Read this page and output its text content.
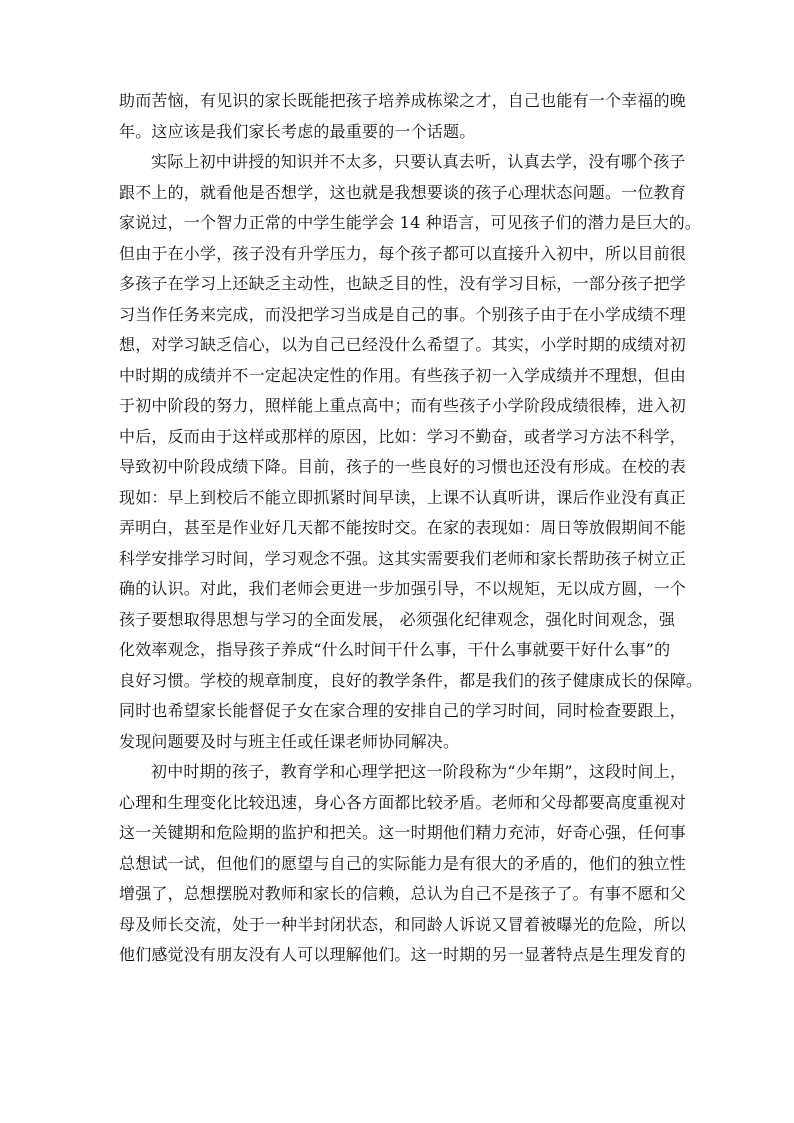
助而苦恼，有见识的家长既能把孩子培养成栋梁之才，自己也能有一个幸福的晚
年。这应该是我们家长考虑的最重要的一个话题。
实际上初中讲授的知识并不太多，只要认真去听，认真去学，没有哪个孩子
跟不上的，就看他是否想学，这也就是我想要谈的孩子心理状态问题。一位教育
家说过，一个智力正常的中学生能学会 14 种语言，可见孩子们的潜力是巨大的。
但由于在小学，孩子没有升学压力，每个孩子都可以直接升入初中，所以目前很
多孩子在学习上还缺乏主动性，也缺乏目的性，没有学习目标，一部分孩子把学
习当作任务来完成，而没把学习当成是自己的事。个别孩子由于在小学成绩不理
想，对学习缺乏信心，以为自己已经没什么希望了。其实，小学时期的成绩对初
中时期的成绩并不一定起决定性的作用。有些孩子初一入学成绩并不理想，但由
于初中阶段的努力，照样能上重点高中；而有些孩子小学阶段成绩很棒，进入初
中后，反而由于这样或那样的原因，比如：学习不勤奋，或者学习方法不科学，
导致初中阶段成绩下降。目前，孩子的一些良好的习惯也还没有形成。在校的表
现如：早上到校后不能立即抓紧时间早读，上课不认真听讲，课后作业没有真正
弄明白，甚至是作业好几天都不能按时交。在家的表现如：周日等放假期间不能
科学安排学习时间，学习观念不强。这其实需要我们老师和家长帮助孩子树立正
确的认识。对此，我们老师会更进一步加强引导，不以规矩，无以成方圆，一个
孩子要想取得思想与学习的全面发展， 必须强化纪律观念，强化时间观念，强
化效率观念，指导孩子养成“什么时间干什么事，干什么事就要干好什么事”的
良好习惯。学校的规章制度，良好的教学条件，都是我们的孩子健康成长的保障。
同时也希望家长能督促子女在家合理的安排自己的学习时间，同时检查要跟上，
发现问题要及时与班主任或任课老师协同解决。
初中时期的孩子，教育学和心理学把这一阶段称为“少年期”，这段时间上，
心理和生理变化比较迅速，身心各方面都比较矛盾。老师和父母都要高度重视对
这一关键期和危险期的监护和把关。这一时期他们精力充沛，好奇心强，任何事
总想试一试，但他们的愿望与自己的实际能力是有很大的矛盾的，他们的独立性
增强了，总想摆脱对教师和家长的信赖，总认为自己不是孩子了。有事不愿和父
母及师长交流，处于一种半封闭状态，和同龄人诉说又冒着被曝光的危险，所以
他们感觉没有朋友没有人可以理解他们。这一时期的另一显著特点是生理发育的
